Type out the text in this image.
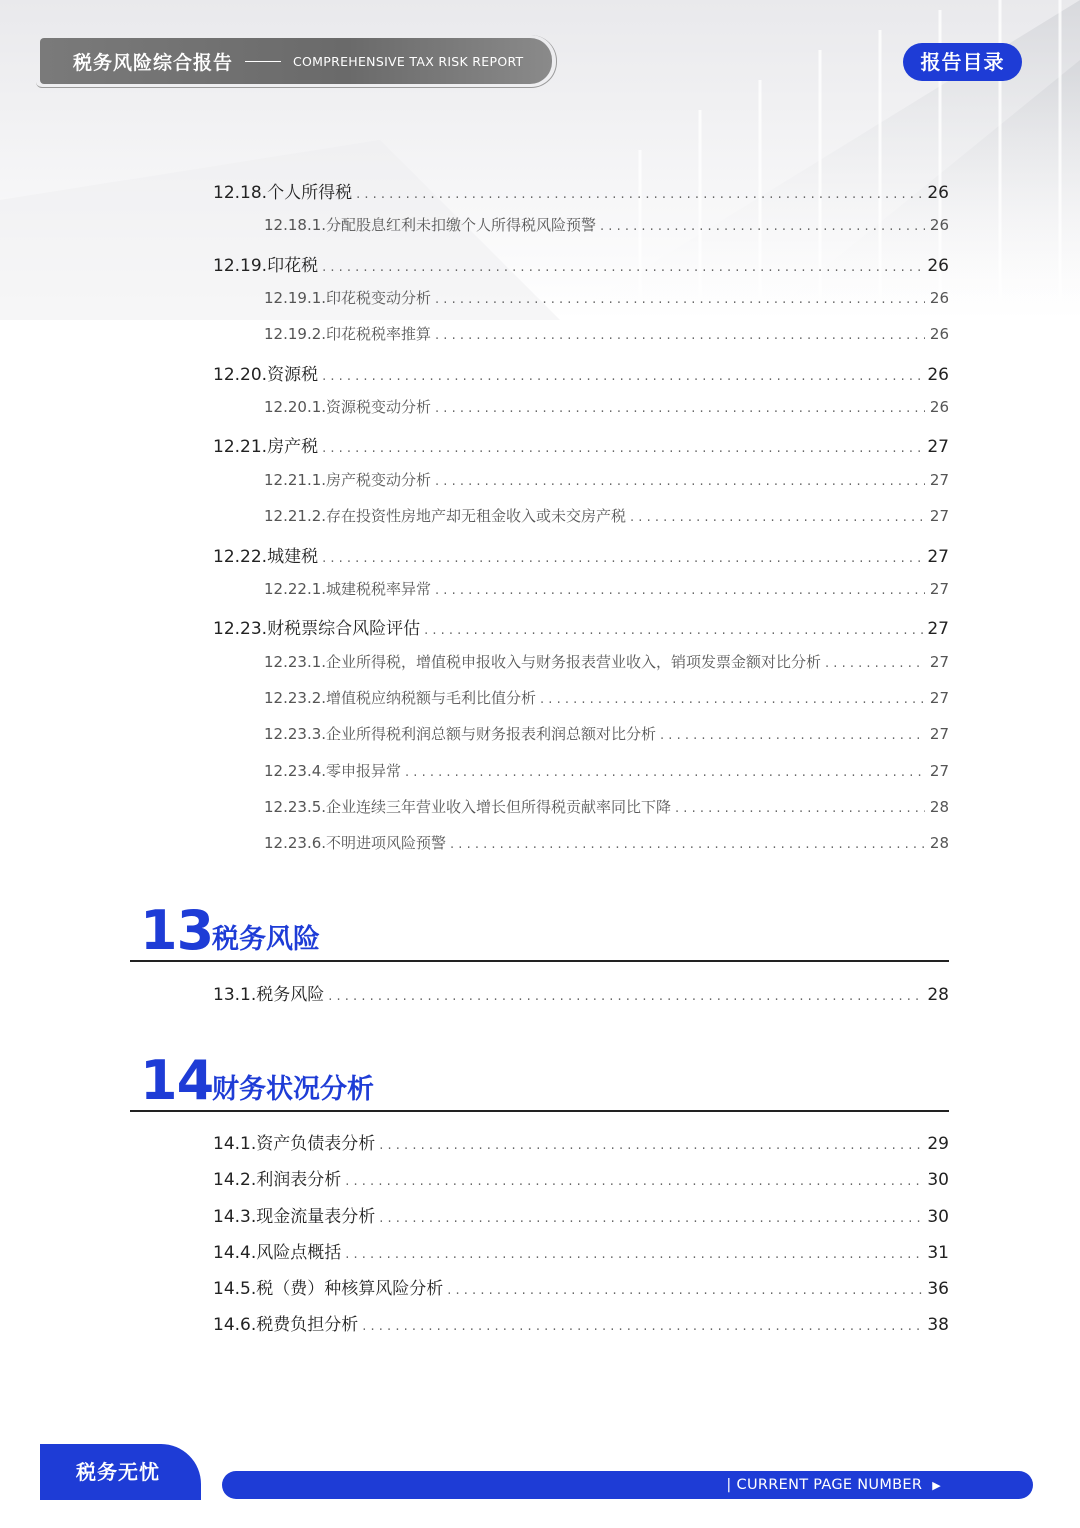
税务风险综合报告	COMPREHENSIVE TAX RISK REPORT	报告目录
12.18. 个人所得税 . . .	26
12.18.1. 分配股息红利未扣缴个人所得税风险预警 . . .	26
12.19. 印花税 . . .	26
12.19.1. 印花税变动分析 . . .	26
12.19.2. 印花税税率推算 . . .	26
12.20. 资源税 . . .	26
12.20.1. 资源税变动分析 . . .	26
12.21. 房产税 . . .	27
12.21.1. 房产税变动分析 . . .	27
12.21.2. 存在投资性房地产却无租金收入或未交房产税 . . .	27
12.22. 城建税 . . .	27
12.22.1. 城建税税率异常 . . .	27
12.23. 财税票综合风险评估 . . .	27
12.23.1. 企业所得税，增值税申报收入与财务报表营业收入，销项发票金额对比分析 . . .	27
12.23.2. 增值税应纳税额与毛利比值分析 . . .	27
12.23.3. 企业所得税利润总额与财务报表利润总额对比分析 . . .	27
12.23.4. 零申报异常 . . .	27
12.23.5. 企业连续三年营业收入增长但所得税贡献率同比下降 . . .	28
12.23.6. 不明进项风险预警 . . .	28
13
税务风险
13.1. 税务风险 . . .	28
14
财务状况分析
14.1. 资产负债表分析 . . .	29
14.2. 利润表分析 . . .	30
14.3. 现金流量表分析 . . .	30
14.4. 风险点概括 . . .	31
14.5. 税（费）种核算风险分析 . . .	36
14.6. 税费负担分析 . . .	38
税务无忧
| CURRENT PAGE NUMBER ▶
